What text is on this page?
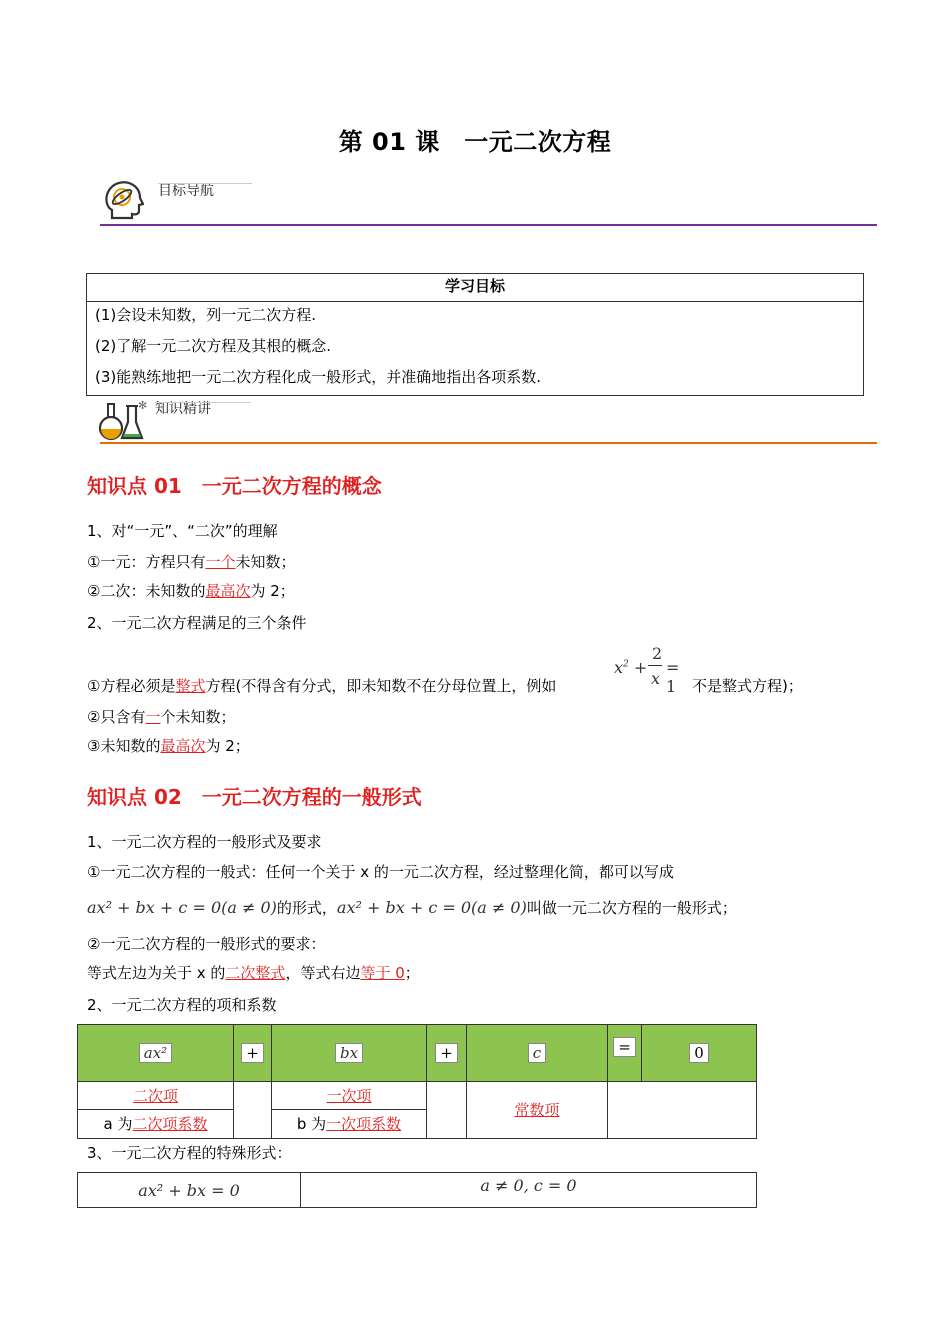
第 01 课　一元二次方程
目标导航
学习目标
(1)会设未知数，列一元二次方程.
(2)了解一元二次方程及其根的概念.
(3)能熟练地把一元二次方程化成一般形式，并准确地指出各项系数.
✻ 知识精讲
知识点 01　一元二次方程的概念
1、对“一元”、“二次”的理解
①一元：方程只有一个未知数；
②二次：未知数的最高次为 2；
2、一元二次方程满足的三个条件
$x^2$ +
2
x
= 1
①方程必须是整式方程(不得含有分式，即未知数不在分母位置上，例如	不是整式方程)；
②只含有一个未知数；
③未知数的最高次为 2；
知识点 02　一元二次方程的一般形式
1、一元二次方程的一般形式及要求
①一元二次方程的一般式：任何一个关于 x 的一元二次方程，经过整理化简，都可以写成
ax² + bx + c = 0(a ≠ 0)的形式，ax² + bx + c = 0(a ≠ 0)叫做一元二次方程的一般形式；
②一元二次方程的一般形式的要求：
等式左边为关于 x 的二次整式，等式右边等于 0；
2、一元二次方程的项和系数
ax²	+	bx	+	c	=	0
二次项		一次项		常数项		
a 为二次项系数		b 为一次项系数				
3、一元二次方程的特殊形式：
ax² + bx = 0	a ≠ 0, c = 0
